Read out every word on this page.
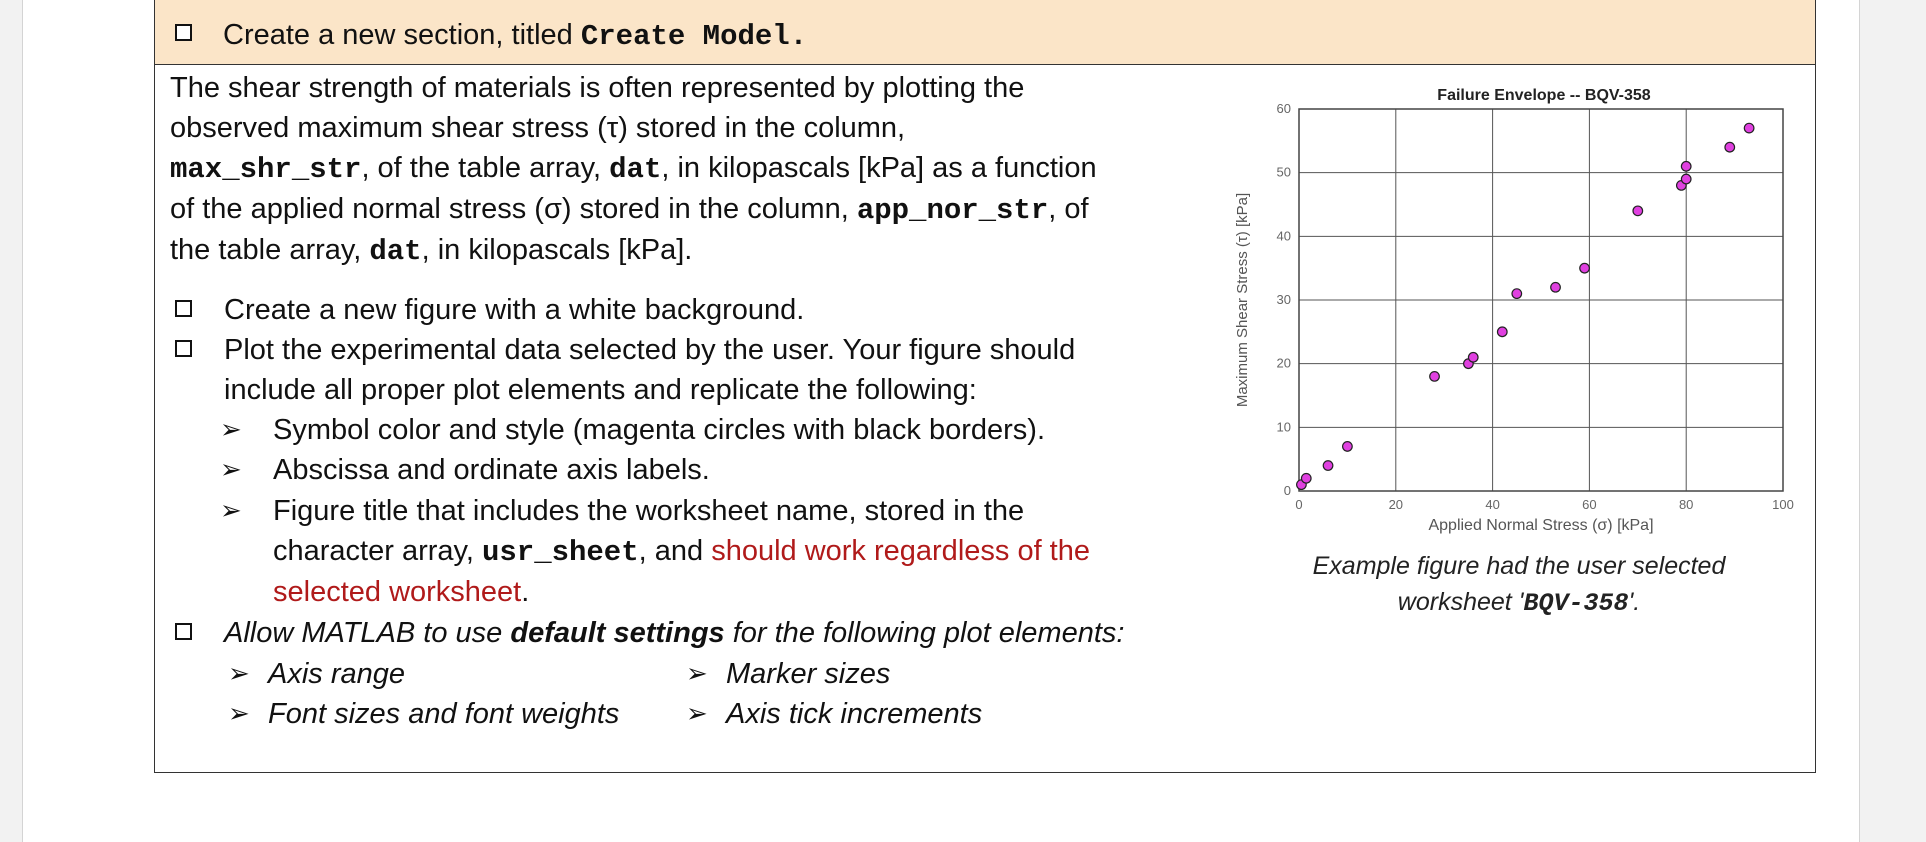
Create a new section, titled Create Model.
The shear strength of materials is often represented by plotting the
observed maximum shear stress (τ) stored in the column,
max_shr_str, of the table array, dat, in kilopascals [kPa] as a function
of the applied normal stress (σ) stored in the column, app_nor_str, of
the table array, dat, in kilopascals [kPa].
Create a new figure with a white background.
Plot the experimental data selected by the user. Your figure should
include all proper plot elements and replicate the following:
➢ Symbol color and style (magenta circles with black borders).
➢ Abscissa and ordinate axis labels.
➢ Figure title that includes the worksheet name, stored in the
character array, usr_sheet, and should work regardless of the
selected worksheet.
Allow MATLAB to use default settings for the following plot elements:
➢ Axis range	➢ Marker sizes
➢ Font sizes and font weights	➢ Axis tick increments
Failure Envelope -- BQV-358
0	20	40	60	80	100
0
10
20
30
40
50
60
Applied Normal Stress (σ) [kPa]
Maximum Shear Stress (τ) [kPa]
Example figure had the user selected
worksheet 'BQV-358'.
